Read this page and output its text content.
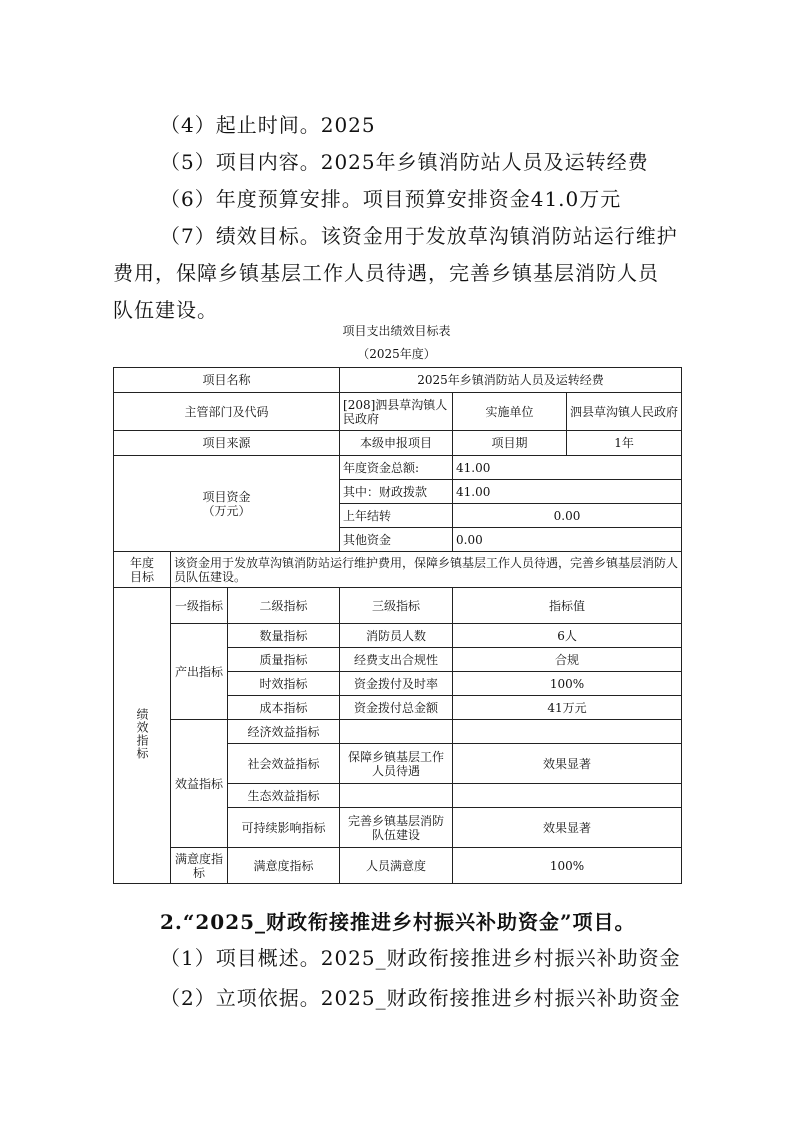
（4）起止时间。2025
（5）项目内容。2025年乡镇消防站人员及运转经费
（6）年度预算安排。项目预算安排资金41.0万元
（7）绩效目标。该资金用于发放草沟镇消防站运行维护
费用，保障乡镇基层工作人员待遇，完善乡镇基层消防人员
队伍建设。
项目支出绩效目标表
（2025年度）
项目名称			2025年乡镇消防站人员及运转经费		
主管部门及代码			[208]泗县草沟镇人民政府	实施单位	泗县草沟镇人民政府
项目来源			本级申报项目	项目期	1年

项目资金
（万元）			年度资金总额:	41.00	
			其中：财政拨款	41.00	
			上年结转	0.00	
			其他资金	0.00	

年度
目标	该资金用于发放草沟镇消防站运行维护费用，保障乡镇基层工作人员待遇，完善乡镇基层消防人员队伍建设。				
绩效指标	一级指标	二级指标	三级指标	指标值	
	产出指标	数量指标	消防员人数	6人	
		质量指标	经费支出合规性	合规	
		时效指标	资金拨付及时率	100%	
		成本指标	资金拨付总金额	41万元	
	效益指标	经济效益指标			
		社会效益指标	保障乡镇基层工作人员待遇	效果显著	
		生态效益指标			
		可持续影响指标	完善乡镇基层消防队伍建设	效果显著	
	满意度指标	满意度指标	人员满意度	100%	
2.“2025_财政衔接推进乡村振兴补助资金”项目。
（1）项目概述。2025_财政衔接推进乡村振兴补助资金
（2）立项依据。2025_财政衔接推进乡村振兴补助资金
